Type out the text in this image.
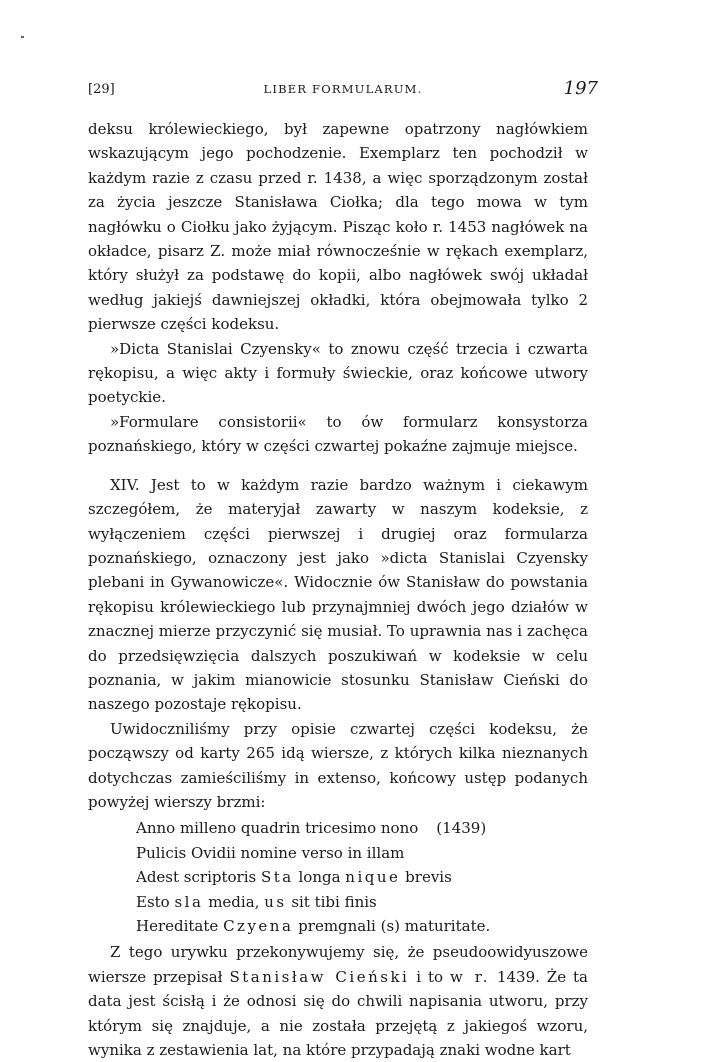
[29]	LIBER FORMULARUM.	197

deksu królewieckiego, był zapewne opatrzony nagłówkiem wskazującym jego pochodzenie. Exemplarz ten pochodził w każdym razie z czasu przed r. 1438, a więc sporządzonym został za życia jeszcze Stanisława Ciołka; dla tego mowa w tym nagłówku o Ciołku jako żyjącym. Pisząc koło r. 1453 nagłówek na okładce, pisarz Z. może miał równocześnie w rękach exemplarz, który służył za podstawę do kopii, albo nagłówek swój układał według jakiejś dawniejszej okładki, która obejmowała tylko 2 pierwsze części kodeksu.

»Dicta Stanislai Czyensky« to znowu część trzecia i czwarta rękopisu, a więc akty i formuły świeckie, oraz końcowe utwory poetyckie.

»Formulare consistorii« to ów formularz konsystorza poznańskiego, który w części czwartej pokaźne zajmuje miejsce.

XIV. Jest to w każdym razie bardzo ważnym i ciekawym szczegółem, że materyjał zawarty w naszym kodeksie, z wyłączeniem części pierwszej i drugiej oraz formularza poznańskiego, oznaczony jest jako »dicta Stanislai Czyensky plebani in Gywanowicze«. Widocznie ów Stanisław do powstania rękopisu królewieckiego lub przynajmniej dwóch jego działów w znacznej mierze przyczynić się musiał. To uprawnia nas i zachęca do przedsięwzięcia dalszych poszukiwań w kodeksie w celu poznania, w jakim mianowicie stosunku Stanisław Cieński do naszego pozostaje rękopisu.

Uwidoczniliśmy przy opisie czwartej części kodeksu, że począwszy od karty 265 idą wiersze, z których kilka nieznanych dotychczas zamieściliśmy in extenso, końcowy ustęp podanych powyżej wierszy brzmi:

Anno milleno quadrin tricesimo nono (1439)
Pulicis Ovidii nomine verso in illam
Adest scriptoris Sta longa nique brevis
Esto sla media, us sit tibi finis
Hereditate Czyena premgnali (s) maturitate.

Z tego urywku przekonywujemy się, że pseudoowidyuszowe wiersze przepisał Stanisław Cieński i to w r. 1439. Że ta data jest ścisłą i że odnosi się do chwili napisania utworu, przy którym się znajduje, a nie została przejętą z jakiegoś wzoru, wynika z zestawienia lat, na które przypadają znaki wodne kart
